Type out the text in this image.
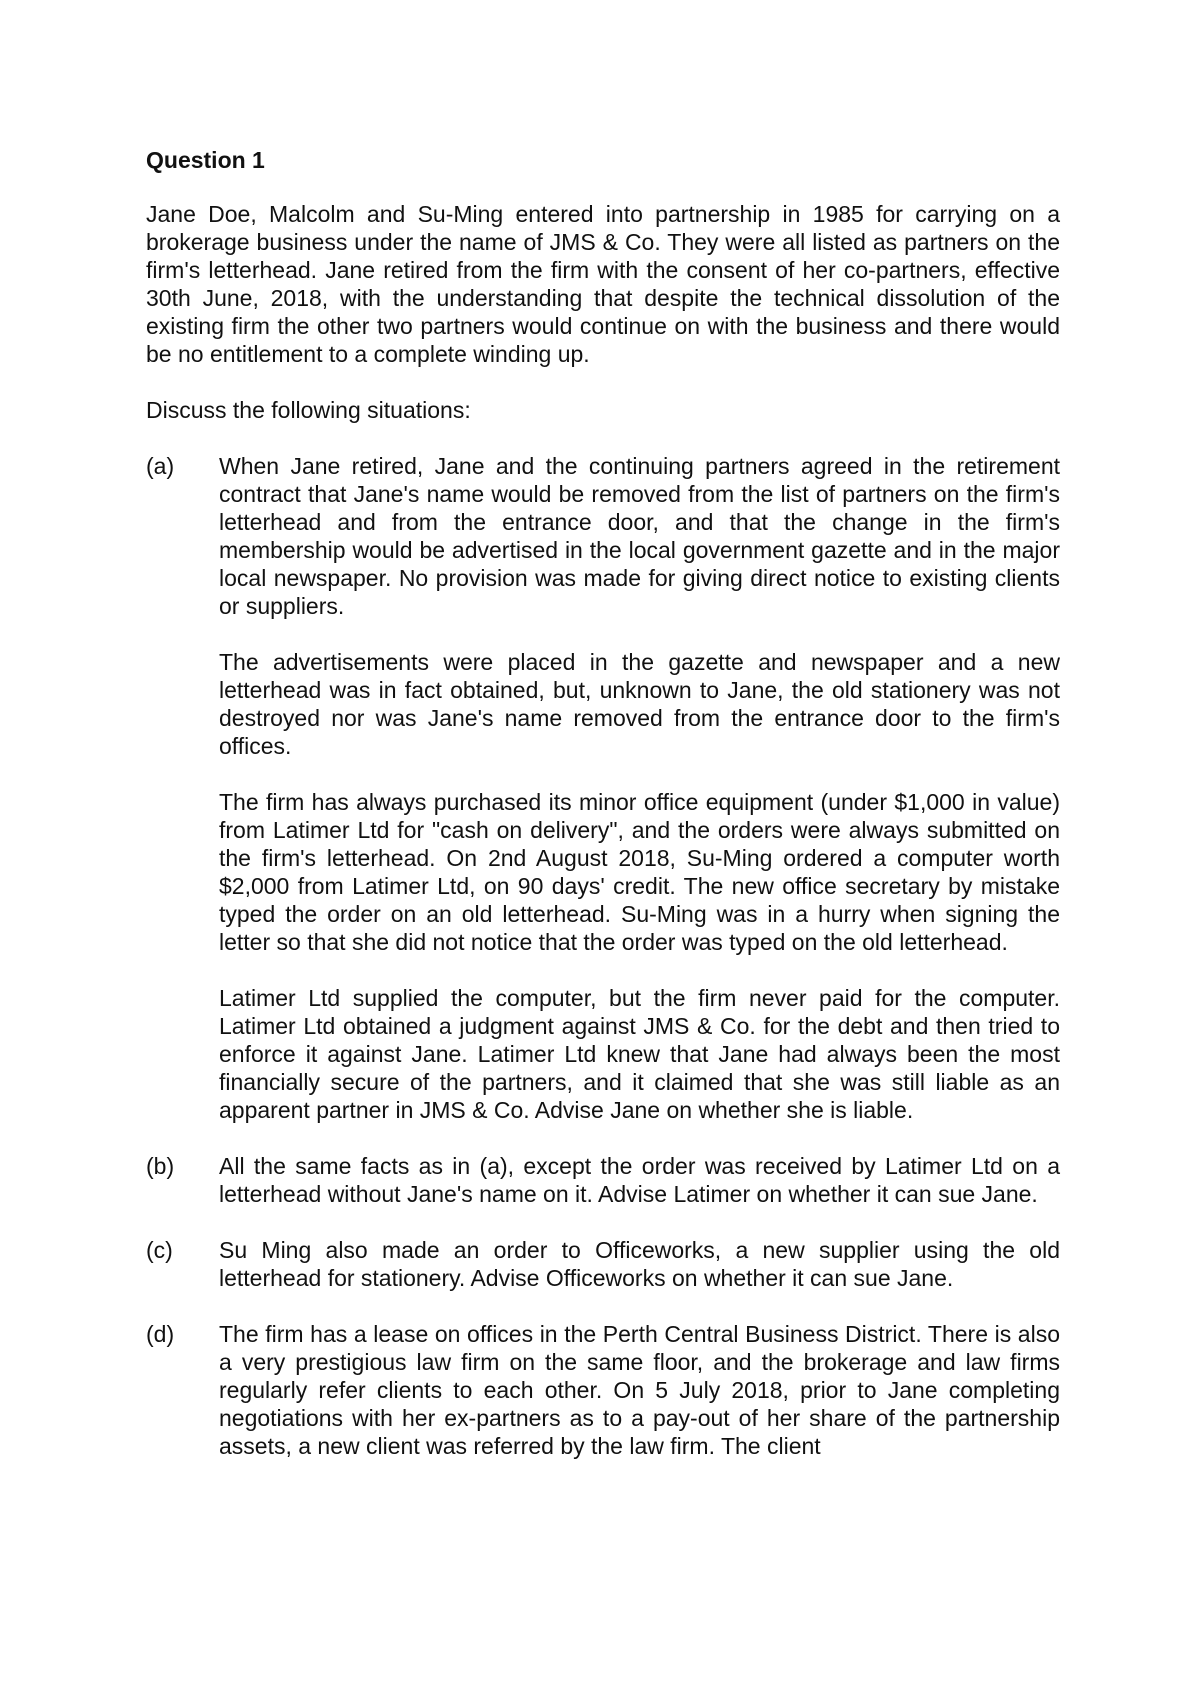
Question 1
Jane Doe, Malcolm and Su-Ming entered into partnership in 1985 for carrying on a brokerage business under the name of JMS & Co. They were all listed as partners on the firm's letterhead. Jane retired from the firm with the consent of her co-partners, effective 30th June, 2018, with the understanding that despite the technical dissolution of the existing firm the other two partners would continue on with the business and there would be no entitlement to a complete winding up.
Discuss the following situations:
(a)	When Jane retired, Jane and the continuing partners agreed in the retirement contract that Jane's name would be removed from the list of partners on the firm's letterhead and from the entrance door, and that the change in the firm's membership would be advertised in the local government gazette and in the major local newspaper. No provision was made for giving direct notice to existing clients or suppliers.
The advertisements were placed in the gazette and newspaper and a new letterhead was in fact obtained, but, unknown to Jane, the old stationery was not destroyed nor was Jane's name removed from the entrance door to the firm's offices.
The firm has always purchased its minor office equipment (under $1,000 in value) from Latimer Ltd for "cash on delivery", and the orders were always submitted on the firm's letterhead. On 2nd August 2018, Su-Ming ordered a computer worth $2,000 from Latimer Ltd, on 90 days' credit. The new office secretary by mistake typed the order on an old letterhead. Su-Ming was in a hurry when signing the letter so that she did not notice that the order was typed on the old letterhead.
Latimer Ltd supplied the computer, but the firm never paid for the computer. Latimer Ltd obtained a judgment against JMS & Co. for the debt and then tried to enforce it against Jane. Latimer Ltd knew that Jane had always been the most financially secure of the partners, and it claimed that she was still liable as an apparent partner in JMS & Co. Advise Jane on whether she is liable.
(b)	All the same facts as in (a), except the order was received by Latimer Ltd on a letterhead without Jane's name on it. Advise Latimer on whether it can sue Jane.
(c)	Su Ming also made an order to Officeworks, a new supplier using the old letterhead for stationery. Advise Officeworks on whether it can sue Jane.
(d)	The firm has a lease on offices in the Perth Central Business District. There is also a very prestigious law firm on the same floor, and the brokerage and law firms regularly refer clients to each other. On 5 July 2018, prior to Jane completing negotiations with her ex-partners as to a pay-out of her share of the partnership assets, a new client was referred by the law firm. The client
